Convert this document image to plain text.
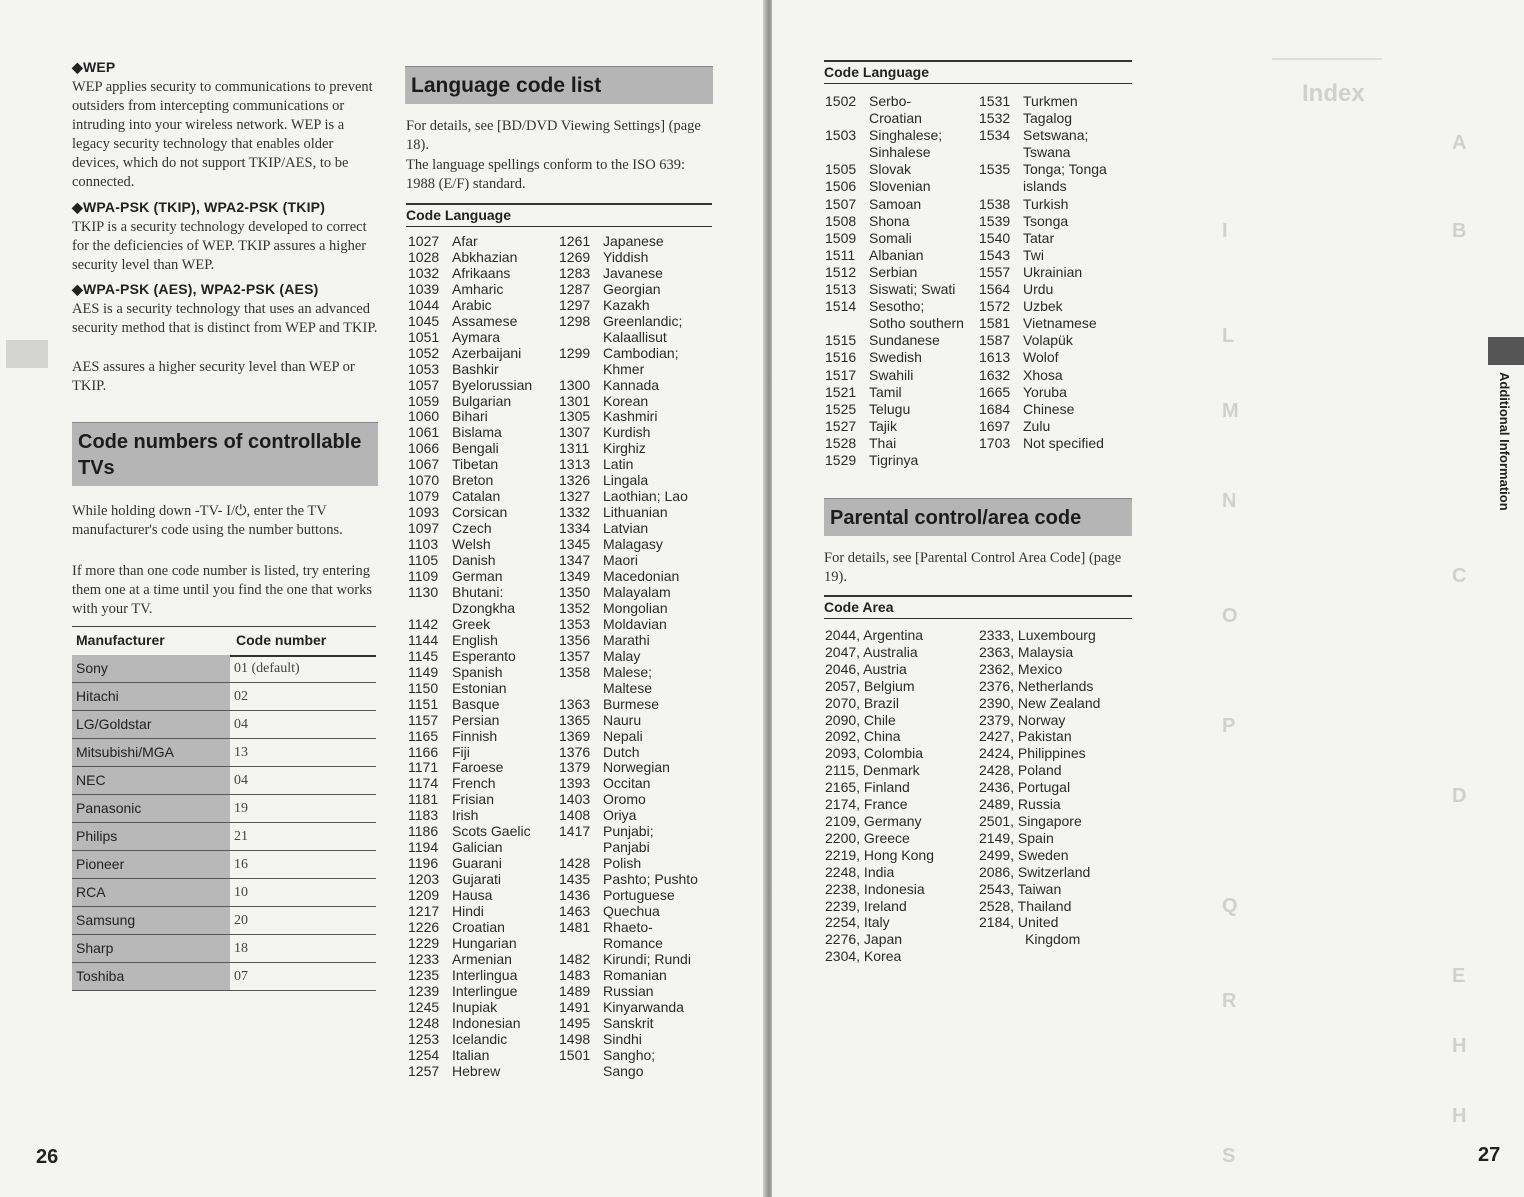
◆WEP
WEP applies security to communications to prevent outsiders from intercepting communications or intruding into your wireless network. WEP is a legacy security technology that enables older devices, which do not support TKIP/AES, to be connected.
◆WPA-PSK (TKIP), WPA2-PSK (TKIP)
TKIP is a security technology developed to correct for the deficiencies of WEP. TKIP assures a higher security level than WEP.
◆WPA-PSK (AES), WPA2-PSK (AES)
AES is a security technology that uses an advanced security method that is distinct from WEP and TKIP.
AES assures a higher security level than WEP or TKIP.
Code numbers of controllable TVs
While holding down -TV- I/⏻, enter the TV manufacturer's code using the number buttons.
If more than one code number is listed, try entering them one at a time until you find the one that works with your TV.
Manufacturer	Code number
Sony	01 (default)
Hitachi	02
LG/Goldstar	04
Mitsubishi/MGA	13
NEC	04
Panasonic	19
Philips	21
Pioneer	16
RCA	10
Samsung	20
Sharp	18
Toshiba	07
Language code list
For details, see [BD/DVD Viewing Settings] (page 18).
The language spellings conform to the ISO 639: 1988 (E/F) standard.
Code Language
1027 Afar
1028 Abkhazian
1032 Afrikaans
1039 Amharic
1044 Arabic
1045 Assamese
1051 Aymara
1052 Azerbaijani
1053 Bashkir
1057 Byelorussian
1059 Bulgarian
1060 Bihari
1061 Bislama
1066 Bengali
1067 Tibetan
1070 Breton
1079 Catalan
1093 Corsican
1097 Czech
1103 Welsh
1105 Danish
1109 German
1130 Bhutani:
Dzongkha
1142 Greek
1144 English
1145 Esperanto
1149 Spanish
1150 Estonian
1151 Basque
1157 Persian
1165 Finnish
1166 Fiji
1171 Faroese
1174 French
1181 Frisian
1183 Irish
1186 Scots Gaelic
1194 Galician
1196 Guarani
1203 Gujarati
1209 Hausa
1217 Hindi
1226 Croatian
1229 Hungarian
1233 Armenian
1235 Interlingua
1239 Interlingue
1245 Inupiak
1248 Indonesian
1253 Icelandic
1254 Italian
1257 Hebrew
1261 Japanese
1269 Yiddish
1283 Javanese
1287 Georgian
1297 Kazakh
1298 Greenlandic;
Kalaallisut
1299 Cambodian;
Khmer
1300 Kannada
1301 Korean
1305 Kashmiri
1307 Kurdish
1311 Kirghiz
1313 Latin
1326 Lingala
1327 Laothian; Lao
1332 Lithuanian
1334 Latvian
1345 Malagasy
1347 Maori
1349 Macedonian
1350 Malayalam
1352 Mongolian
1353 Moldavian
1356 Marathi
1357 Malay
1358 Malese;
Maltese
1363 Burmese
1365 Nauru
1369 Nepali
1376 Dutch
1379 Norwegian
1393 Occitan
1403 Oromo
1408 Oriya
1417 Punjabi;
Panjabi
1428 Polish
1435 Pashto; Pushto
1436 Portuguese
1463 Quechua
1481 Rhaeto-
Romance
1482 Kirundi; Rundi
1483 Romanian
1489 Russian
1491 Kinyarwanda
1495 Sanskrit
1498 Sindhi
1501 Sangho;
Sango
26
Code Language
1502 Serbo-
Croatian
1503 Singhalese;
Sinhalese
1505 Slovak
1506 Slovenian
1507 Samoan
1508 Shona
1509 Somali
1511 Albanian
1512 Serbian
1513 Siswati; Swati
1514 Sesotho;
Sotho southern
1515 Sundanese
1516 Swedish
1517 Swahili
1521 Tamil
1525 Telugu
1527 Tajik
1528 Thai
1529 Tigrinya
1531 Turkmen
1532 Tagalog
1534 Setswana;
Tswana
1535 Tonga; Tonga
islands
1538 Turkish
1539 Tsonga
1540 Tatar
1543 Twi
1557 Ukrainian
1564 Urdu
1572 Uzbek
1581 Vietnamese
1587 Volapük
1613 Wolof
1632 Xhosa
1665 Yoruba
1684 Chinese
1697 Zulu
1703 Not specified
Parental control/area code
For details, see [Parental Control Area Code] (page 19).
Code Area
2044, Argentina
2047, Australia
2046, Austria
2057, Belgium
2070, Brazil
2090, Chile
2092, China
2093, Colombia
2115, Denmark
2165, Finland
2174, France
2109, Germany
2200, Greece
2219, Hong Kong
2248, India
2238, Indonesia
2239, Ireland
2254, Italy
2276, Japan
2304, Korea
2333, Luxembourg
2363, Malaysia
2362, Mexico
2376, Netherlands
2390, New Zealand
2379, Norway
2427, Pakistan
2424, Philippines
2428, Poland
2436, Portugal
2489, Russia
2501, Singapore
2149, Spain
2499, Sweden
2086, Switzerland
2543, Taiwan
2528, Thailand
2184, United
Kingdom
Index
A
B
C
D
E
H
H
I
L
M
N
O
P
Q
R
S
Additional Information
27
